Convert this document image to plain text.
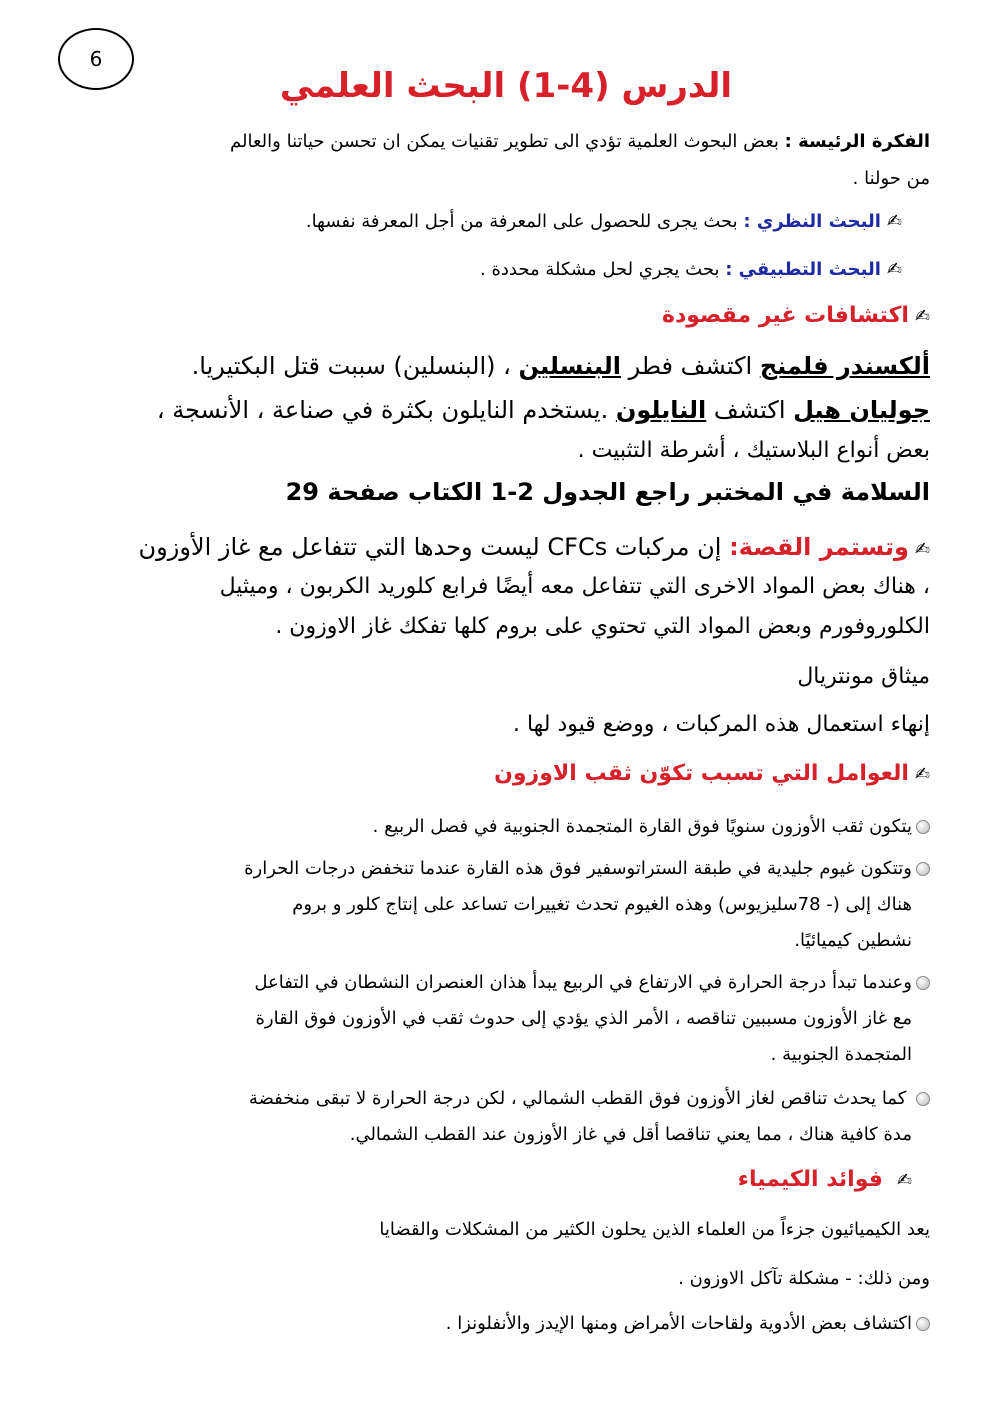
6
الدرس (4-1) البحث العلمي
الفكرة الرئيسة : بعض البحوث العلمية تؤدي الى تطوير تقنيات يمكن ان تحسن حياتنا والعالم
من حولنا .
✍البحث النظري : بحث يجرى للحصول على المعرفة من أجل المعرفة نفسها.
✍البحث التطبيقي : بحث يجري لحل مشكلة محددة .
✍اكتشافات غير مقصودة
ألكسندر فلمنج اكتشف فطر البنسلين ، (البنسلين) سببت قتل البكتيريا.
جوليان هيل اكتشف النايلون .يستخدم النايلون بكثرة في صناعة ، الأنسجة ،
بعض أنواع البلاستيك ، أشرطة التثبيت .
السلامة في المختبر راجع الجدول 2-1 الكتاب صفحة 29
✍وتستمر القصة: إن مركبات CFCs ليست وحدها التي تتفاعل مع غاز الأوزون
، هناك بعض المواد الاخرى التي تتفاعل معه أيضًا فرابع كلوريد الكربون ، وميثيل
الكلوروفورم وبعض المواد التي تحتوي على بروم كلها تفكك غاز الاوزون .
ميثاق مونتريال
إنهاء استعمال هذه المركبات ، ووضع قيود لها .
✍العوامل التي تسبب تكوّن ثقب الاوزون
يتكون ثقب الأوزون سنويًا فوق القارة المتجمدة الجنوبية في فصل الربيع .
وتتكون غيوم جليدية في طبقة الستراتوسفير فوق هذه القارة عندما تنخفض درجات الحرارة
هناك إلى (- 78سليزيوس) وهذه الغيوم تحدث تغييرات تساعد على إنتاج كلور و بروم
نشطين كيميائيًا.
وعندما تبدأ درجة الحرارة في الارتفاع في الربيع يبدأ هذان العنصران النشطان في التفاعل
مع غاز الأوزون مسببين تناقصه ، الأمر الذي يؤدي إلى حدوث ثقب في الأوزون فوق القارة
المتجمدة الجنوبية .
كما يحدث تناقص لغاز الأوزون فوق القطب الشمالي ، لكن درجة الحرارة لا تبقى منخفضة
مدة كافية هناك ، مما يعني تناقصا أقل في غاز الأوزون عند القطب الشمالي.
✍فوائد الكيمياء
يعد الكيميائيون جزءاً من العلماء الذين يحلون الكثير من المشكلات والقضايا
ومن ذلك: - مشكلة تآكل الاوزون .
اكتشاف بعض الأدوية ولقاحات الأمراض ومنها الإيدز والأنفلونزا .
